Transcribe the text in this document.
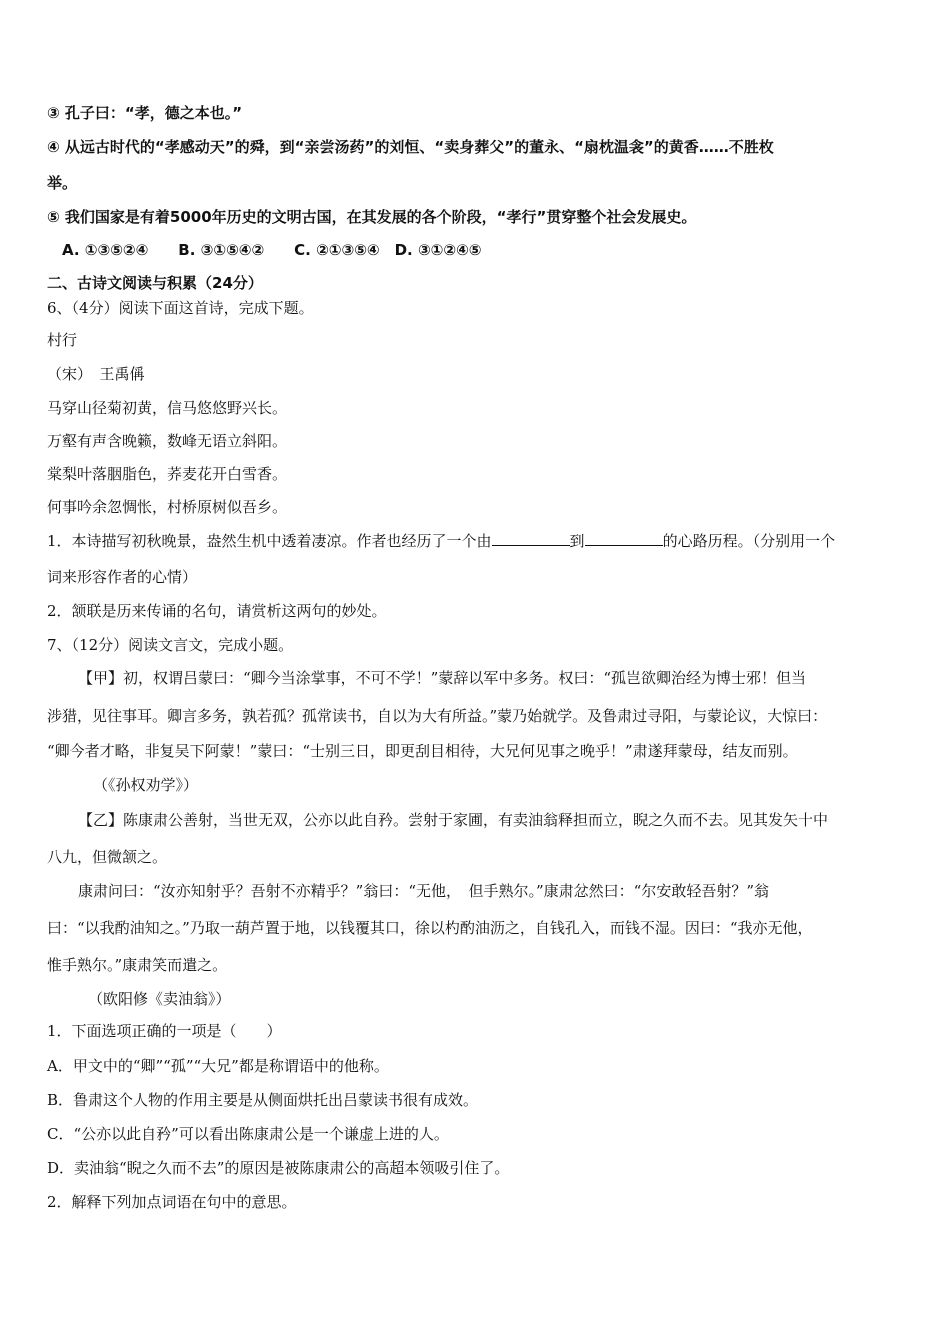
③ 孔子曰：“孝，德之本也。”
④ 从远古时代的“孝感动天”的舜，到“亲尝汤药”的刘恒、“卖身葬父”的董永、“扇枕温衾”的黄香……不胜枚
举。
⑤ 我们国家是有着5000年历史的文明古国，在其发展的各个阶段，“孝行”贯穿整个社会发展史。
A. ①③⑤②④　　B. ③①⑤④②　　C. ②①③⑤④　D. ③①②④⑤
二、古诗文阅读与积累（24分）
6、（4分）阅读下面这首诗，完成下题。
村行
（宋）　王禹偁
马穿山径菊初黄，信马悠悠野兴长。
万壑有声含晚籁，数峰无语立斜阳。
棠梨叶落胭脂色，荞麦花开白雪香。
何事吟余忽惆怅，村桥原树似吾乡。
1．本诗描写初秋晚景，盎然生机中透着凄凉。作者也经历了一个由	到	的心路历程。（分别用一个
词来形容作者的心情）
2．颔联是历来传诵的名句，请赏析这两句的妙处。
7、（12分）阅读文言文，完成小题。
【甲】初，权谓吕蒙曰：“卿今当涂掌事，不可不学！”蒙辞以军中多务。权曰：“孤岂欲卿治经为博士邪！但当
涉猎，见往事耳。卿言多务，孰若孤？孤常读书，自以为大有所益。”蒙乃始就学。及鲁肃过寻阳，与蒙论议，大惊曰：
“卿今者才略，非复吴下阿蒙！”蒙曰：“士别三日，即更刮目相待，大兄何见事之晚乎！”肃遂拜蒙母，结友而别。
（《孙权劝学》）
【乙】陈康肃公善射，当世无双，公亦以此自矜。尝射于家圃，有卖油翁释担而立，睨之久而不去。见其发矢十中
八九，但微颔之。
康肃问曰：“汝亦知射乎？吾射不亦精乎？”翁曰：“无他，　但手熟尔。”康肃忿然曰：“尔安敢轻吾射？”翁
曰：“以我酌油知之。”乃取一葫芦置于地，以钱覆其口，徐以杓酌油沥之，自钱孔入，而钱不湿。因曰：“我亦无他，
惟手熟尔。”康肃笑而遣之。
（欧阳修《卖油翁》）
1．下面选项正确的一项是（　　）
A．甲文中的“卿”“孤”“大兄”都是称谓语中的他称。
B．鲁肃这个人物的作用主要是从侧面烘托出吕蒙读书很有成效。
C．“公亦以此自矜”可以看出陈康肃公是一个谦虚上进的人。
D．卖油翁“睨之久而不去”的原因是被陈康肃公的高超本领吸引住了。
2．解释下列加点词语在句中的意思。
